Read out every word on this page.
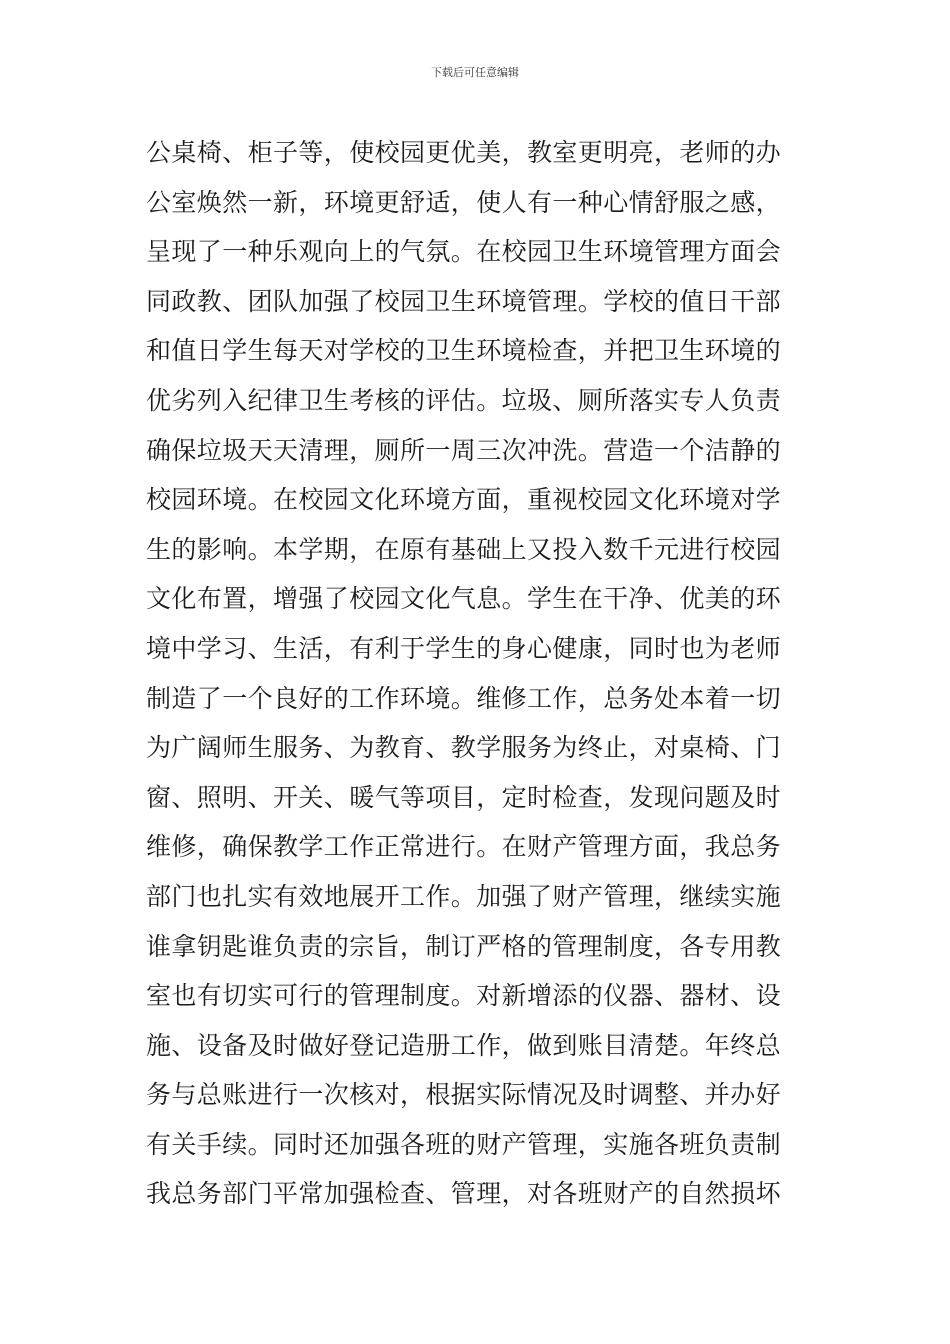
下载后可任意编辑
公桌椅、柜子等，使校园更优美，教室更明亮，老师的办
公室焕然一新，环境更舒适，使人有一种心情舒服之感，
呈现了一种乐观向上的气氛。在校园卫生环境管理方面会
同政教、团队加强了校园卫生环境管理。学校的值日干部
和值日学生每天对学校的卫生环境检查，并把卫生环境的
优劣列入纪律卫生考核的评估。垃圾、厕所落实专人负责
确保垃圾天天清理，厕所一周三次冲洗。营造一个洁静的
校园环境。在校园文化环境方面，重视校园文化环境对学
生的影响。本学期，在原有基础上又投入数千元进行校园
文化布置，增强了校园文化气息。学生在干净、优美的环
境中学习、生活，有利于学生的身心健康，同时也为老师
制造了一个良好的工作环境。维修工作，总务处本着一切
为广阔师生服务、为教育、教学服务为终止，对桌椅、门
窗、照明、开关、暖气等项目，定时检查，发现问题及时
维修，确保教学工作正常进行。在财产管理方面，我总务
部门也扎实有效地展开工作。加强了财产管理，继续实施
谁拿钥匙谁负责的宗旨，制订严格的管理制度，各专用教
室也有切实可行的管理制度。对新增添的仪器、器材、设
施、设备及时做好登记造册工作，做到账目清楚。年终总
务与总账进行一次核对，根据实际情况及时调整、并办好
有关手续。同时还加强各班的财产管理，实施各班负责制
我总务部门平常加强检查、管理，对各班财产的自然损坏
